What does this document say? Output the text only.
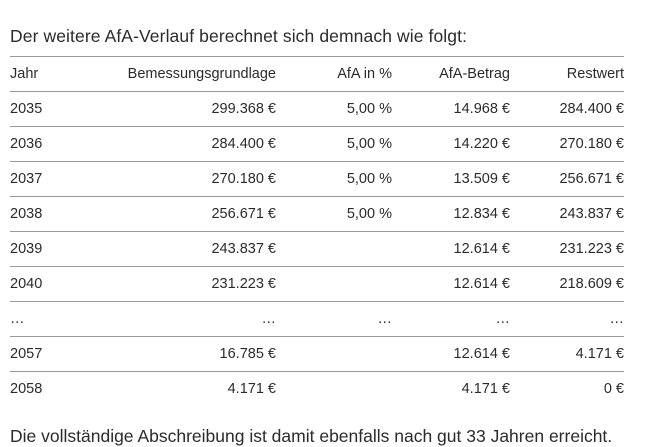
Der weitere AfA-Verlauf berechnet sich demnach wie folgt:

Jahr	Bemessungsgrundlage	AfA in %	AfA-Betrag	Restwert
2035	299.368 €	5,00 %	14.968 €	284.400 €
2036	284.400 €	5,00 %	14.220 €	270.180 €
2037	270.180 €	5,00 %	13.509 €	256.671 €
2038	256.671 €	5,00 %	12.834 €	243.837 €
2039	243.837 €		12.614 €	231.223 €
2040	231.223 €		12.614 €	218.609 €
…	…	…	…	…
2057	16.785 €		12.614 €	4.171 €
2058	4.171 €		4.171 €	0 €

Die vollständige Abschreibung ist damit ebenfalls nach gut 33 Jahren erreicht.
